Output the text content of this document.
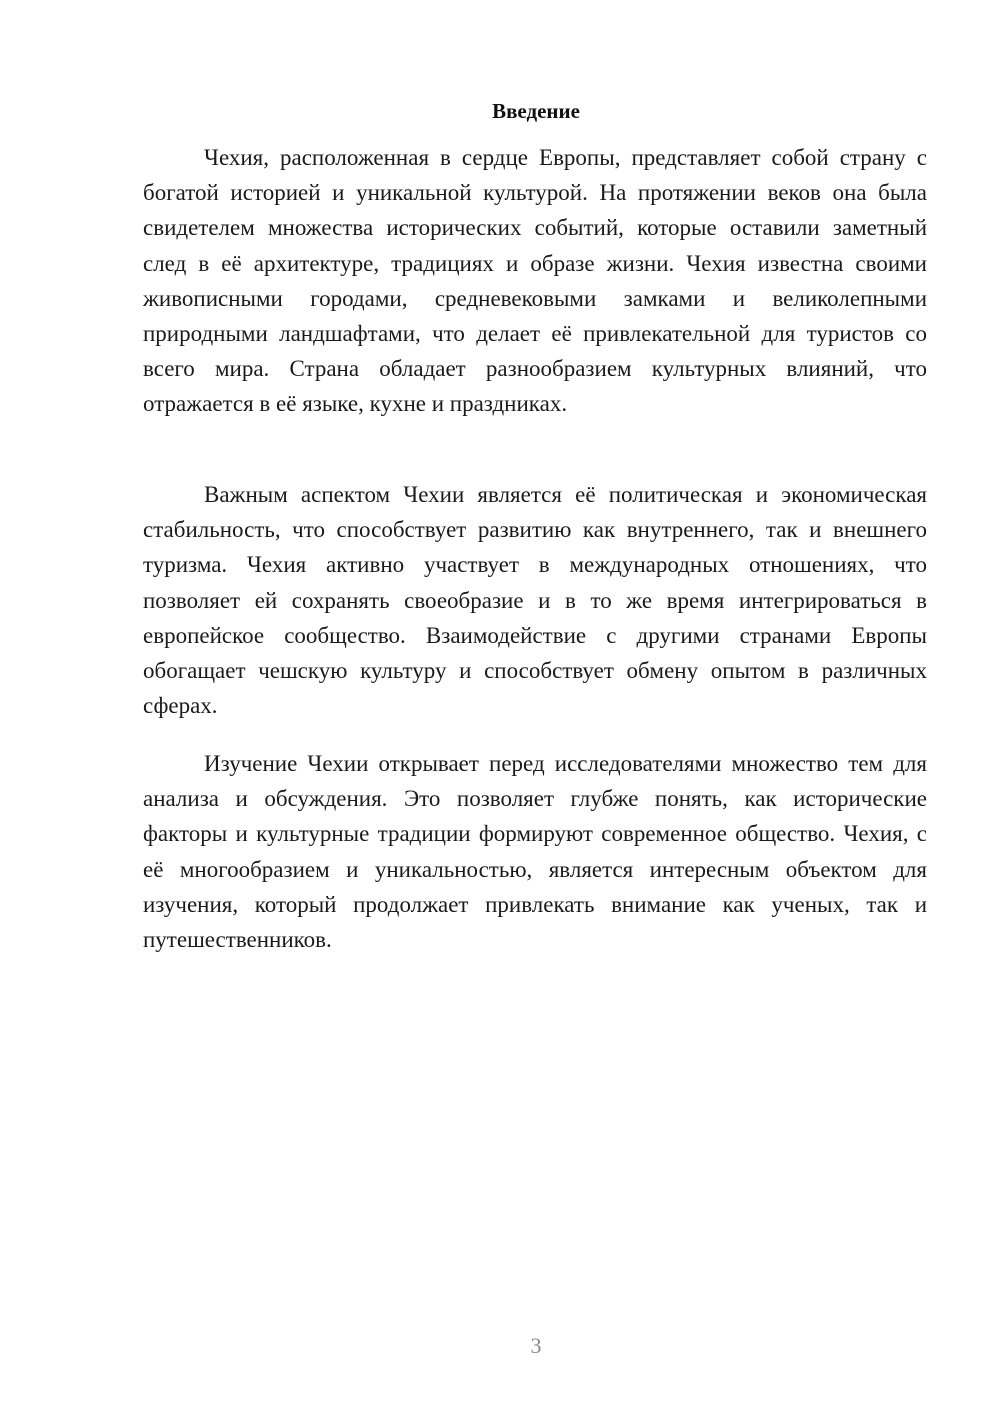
Введение

Чехия, расположенная в сердце Европы, представляет собой страну с богатой историей и уникальной культурой. На протяжении веков она была свидетелем множества исторических событий, которые оставили заметный след в её архитектуре, традициях и образе жизни. Чехия известна своими живописными городами, средневековыми замками и великолепными природными ландшафтами, что делает её привлекательной для туристов со всего мира. Страна обладает разнообразием культурных влияний, что отражается в её языке, кухне и праздниках.

Важным аспектом Чехии является её политическая и экономическая стабильность, что способствует развитию как внутреннего, так и внешнего туризма. Чехия активно участвует в международных отношениях, что позволяет ей сохранять своеобразие и в то же время интегрироваться в европейское сообщество. Взаимодействие с другими странами Европы обогащает чешскую культуру и способствует обмену опытом в различных сферах.

Изучение Чехии открывает перед исследователями множество тем для анализа и обсуждения. Это позволяет глубже понять, как исторические факторы и культурные традиции формируют современное общество. Чехия, с её многообразием и уникальностью, является интересным объектом для изучения, который продолжает привлекать внимание как ученых, так и путешественников.

3
